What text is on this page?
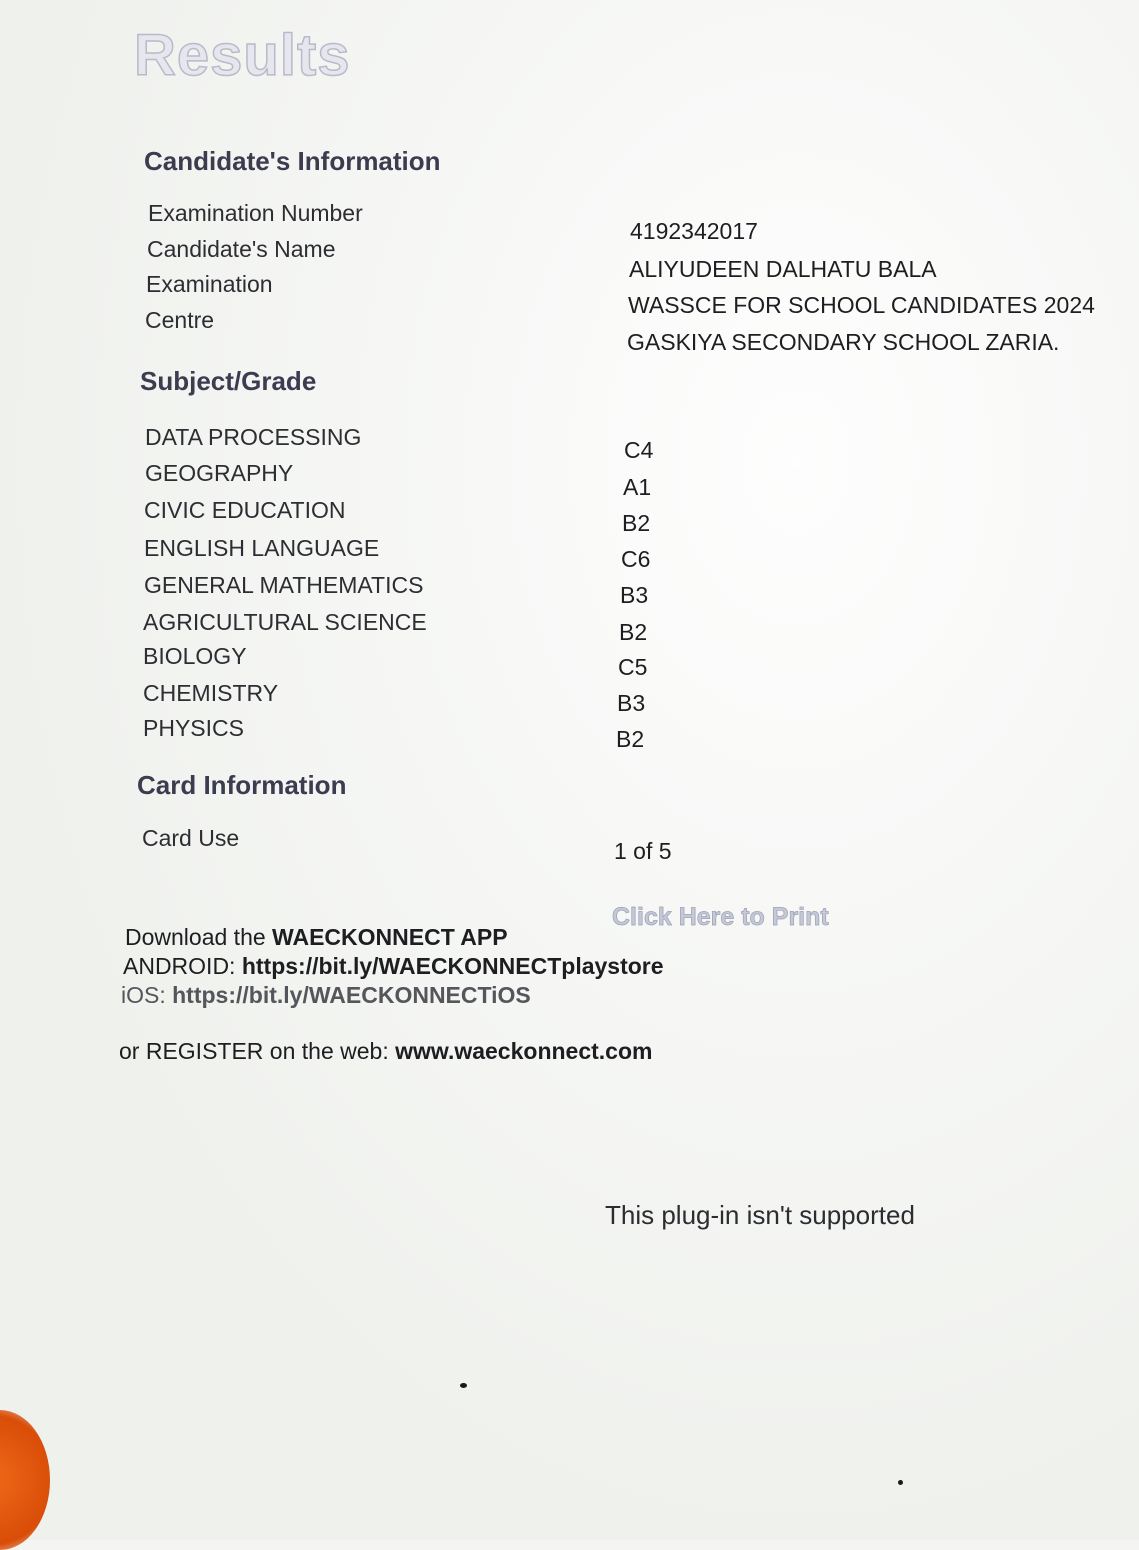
Results
Candidate's Information
Examination Number
Candidate's Name
Examination
Centre
4192342017
ALIYUDEEN DALHATU BALA
WASSCE FOR SCHOOL CANDIDATES 2024
GASKIYA SECONDARY SCHOOL ZARIA.
Subject/Grade
DATA PROCESSING
GEOGRAPHY
CIVIC EDUCATION
ENGLISH LANGUAGE
GENERAL MATHEMATICS
AGRICULTURAL SCIENCE
BIOLOGY
CHEMISTRY
PHYSICS
C4
A1
B2
C6
B3
B2
C5
B3
B2
Card Information
Card Use	1 of 5
Click Here to Print
Download the WAECKONNECT APP
ANDROID: https://bit.ly/WAECKONNECTplaystore
iOS: https://bit.ly/WAECKONNECTiOS
or REGISTER on the web: www.waeckonnect.com
This plug-in isn't supported
